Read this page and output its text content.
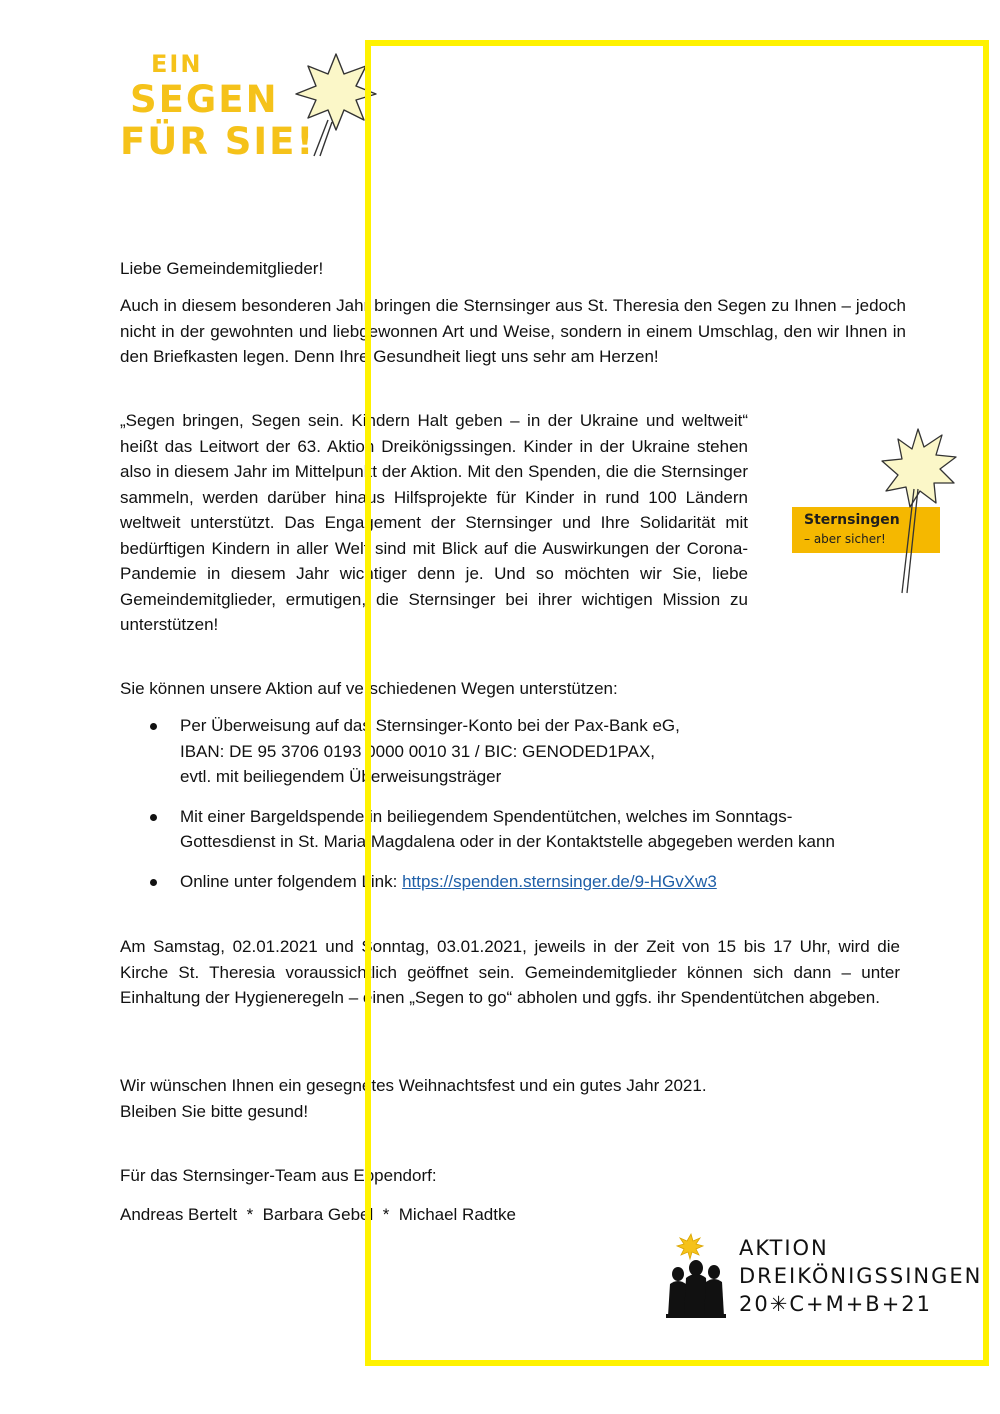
EIN
SEGEN
FÜR SIE!
Liebe Gemeindemitglieder!
Auch in diesem besonderen Jahr bringen die Sternsinger aus St. Theresia den Segen zu Ihnen – jedoch nicht in der gewohnten und liebgewonnen Art und Weise, sondern in einem Umschlag, den wir Ihnen in den Briefkasten legen. Denn Ihre Gesundheit liegt uns sehr am Herzen!
„Segen bringen, Segen sein. Kindern Halt geben – in der Ukraine und weltweit“ heißt das Leitwort der 63. Aktion Dreikönigssingen. Kinder in der Ukraine stehen also in diesem Jahr im Mittelpunkt der Aktion. Mit den Spenden, die die Sternsinger sammeln, werden darüber hinaus Hilfsprojekte für Kinder in rund 100 Ländern weltweit unterstützt. Das Engagement der Sternsinger und Ihre Solidarität mit bedürftigen Kindern in aller Welt sind mit Blick auf die Auswirkungen der Corona-Pandemie in diesem Jahr wichtiger denn je. Und so möchten wir Sie, liebe Gemeindemitglieder, ermutigen, die Sternsinger bei ihrer wichtigen Mission zu unterstützen!
Sternsingen
– aber sicher!
Sie können unsere Aktion auf verschiedenen Wegen unterstützen:
Per Überweisung auf das Sternsinger-Konto bei der Pax-Bank eG,
IBAN: DE 95 3706 0193 0000 0010 31 / BIC: GENODED1PAX,
evtl. mit beiliegendem Überweisungsträger
Mit einer Bargeldspende in beiliegendem Spendentütchen, welches im Sonntags-
Gottesdienst in St. Maria Magdalena oder in der Kontaktstelle abgegeben werden kann
Online unter folgendem Link: https://spenden.sternsinger.de/9-HGvXw3
Am Samstag, 02.01.2021 und Sonntag, 03.01.2021, jeweils in der Zeit von 15 bis 17 Uhr, wird die Kirche St. Theresia voraussichtlich geöffnet sein. Gemeindemitglieder können sich dann – unter Einhaltung der Hygieneregeln – einen „Segen to go“ abholen und ggfs. ihr Spendentütchen abgeben.
Wir wünschen Ihnen ein gesegnetes Weihnachtsfest und ein gutes Jahr 2021.
Bleiben Sie bitte gesund!
Für das Sternsinger-Team aus Eppendorf:
Andreas Bertelt  *  Barbara Gebel  *  Michael Radtke
AKTION
DREIKÖNIGSSINGEN
20✳C+M+B+21
